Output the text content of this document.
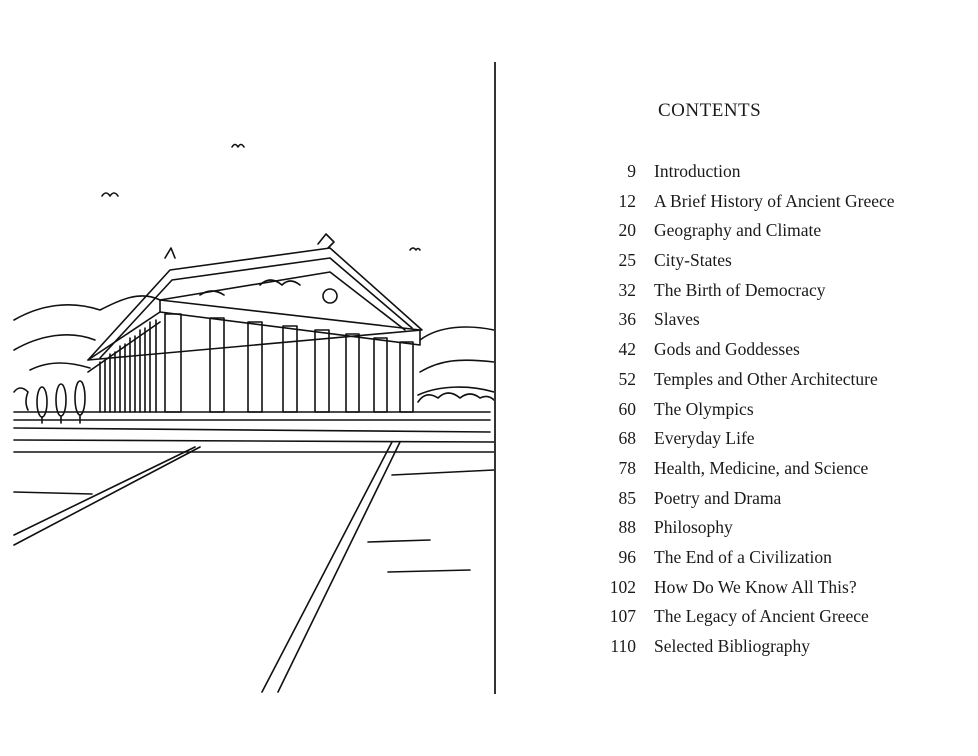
CONTENTS
9	Introduction
12	A Brief History of Ancient Greece
20	Geography and Climate
25	City-States
32	The Birth of Democracy
36	Slaves
42	Gods and Goddesses
52	Temples and Other Architecture
60	The Olympics
68	Everyday Life
78	Health, Medicine, and Science
85	Poetry and Drama
88	Philosophy
96	The End of a Civilization
102	How Do We Know All This?
107	The Legacy of Ancient Greece
110	Selected Bibliography
